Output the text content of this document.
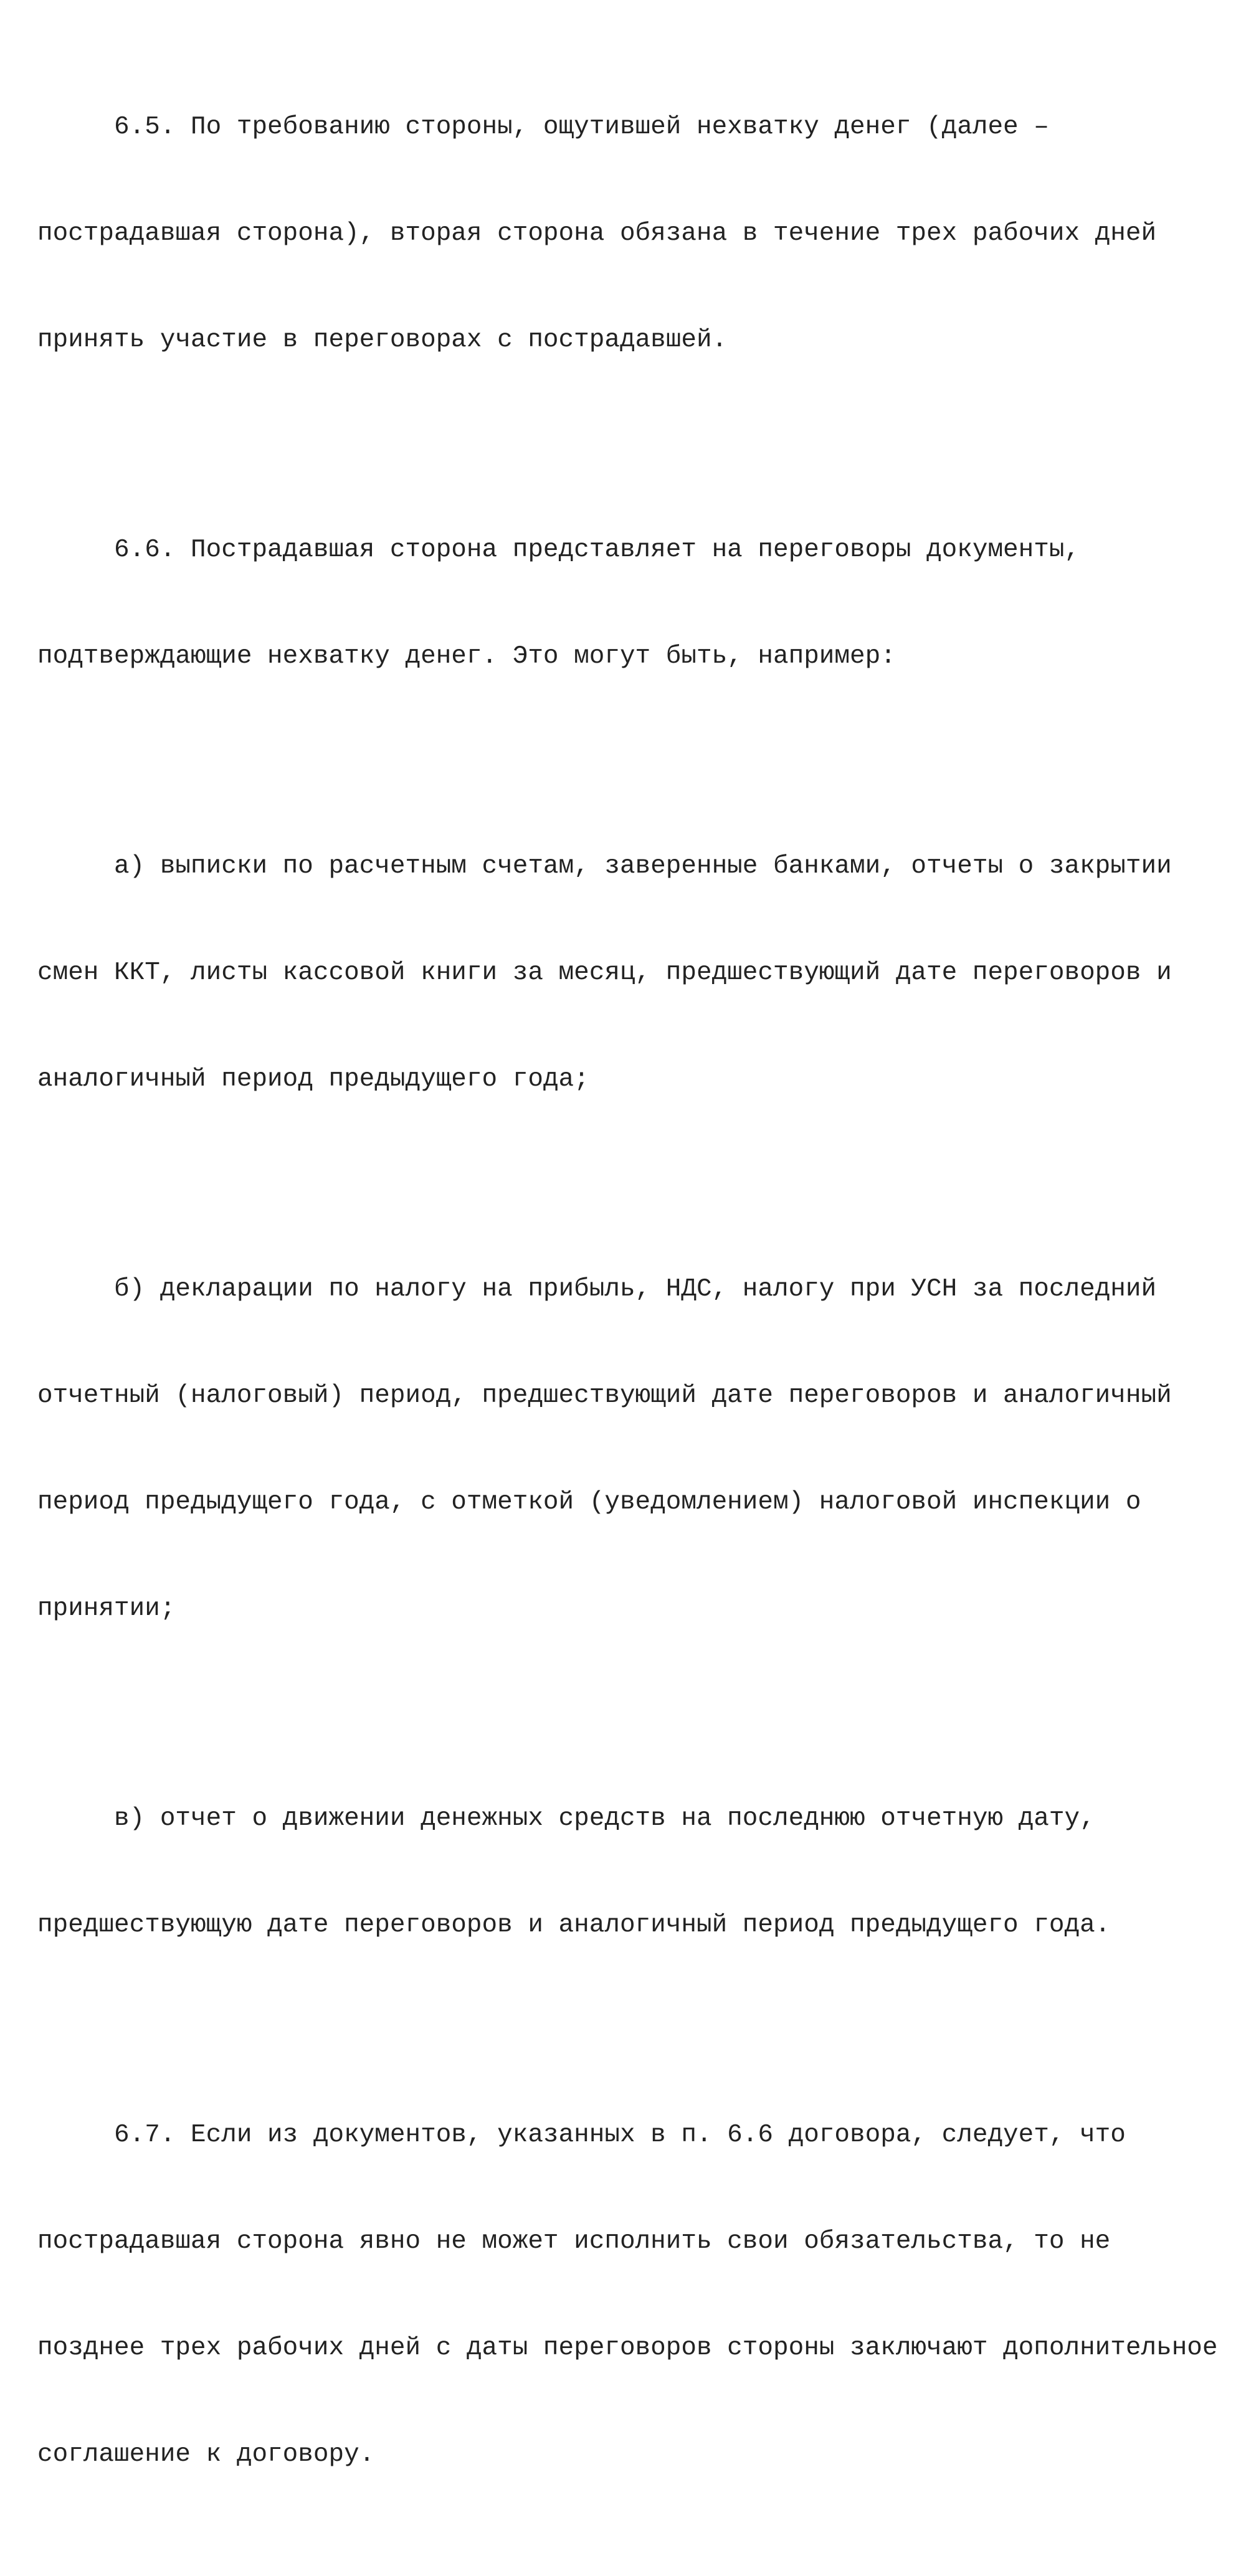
6.5. По требованию стороны, ощутившей нехватку денег (далее –

пострадавшая сторона), вторая сторона обязана в течение трех рабочих дней

принять участие в переговорах с пострадавшей.

6.6. Пострадавшая сторона представляет на переговоры документы,

подтверждающие нехватку денег. Это могут быть, например:

а) выписки по расчетным счетам, заверенные банками, отчеты о закрытии

смен ККТ, листы кассовой книги за месяц, предшествующий дате переговоров и

аналогичный период предыдущего года;

б) декларации по налогу на прибыль, НДС, налогу при УСН за последний

отчетный (налоговый) период, предшествующий дате переговоров и аналогичный

период предыдущего года, с отметкой (уведомлением) налоговой инспекции о

принятии;

в) отчет о движении денежных средств на последнюю отчетную дату,

предшествующую дате переговоров и аналогичный период предыдущего года.

6.7. Если из документов, указанных в п. 6.6 договора, следует, что

пострадавшая сторона явно не может исполнить свои обязательства, то не

позднее трех рабочих дней с даты переговоров стороны заключают дополнительное

соглашение к договору.
